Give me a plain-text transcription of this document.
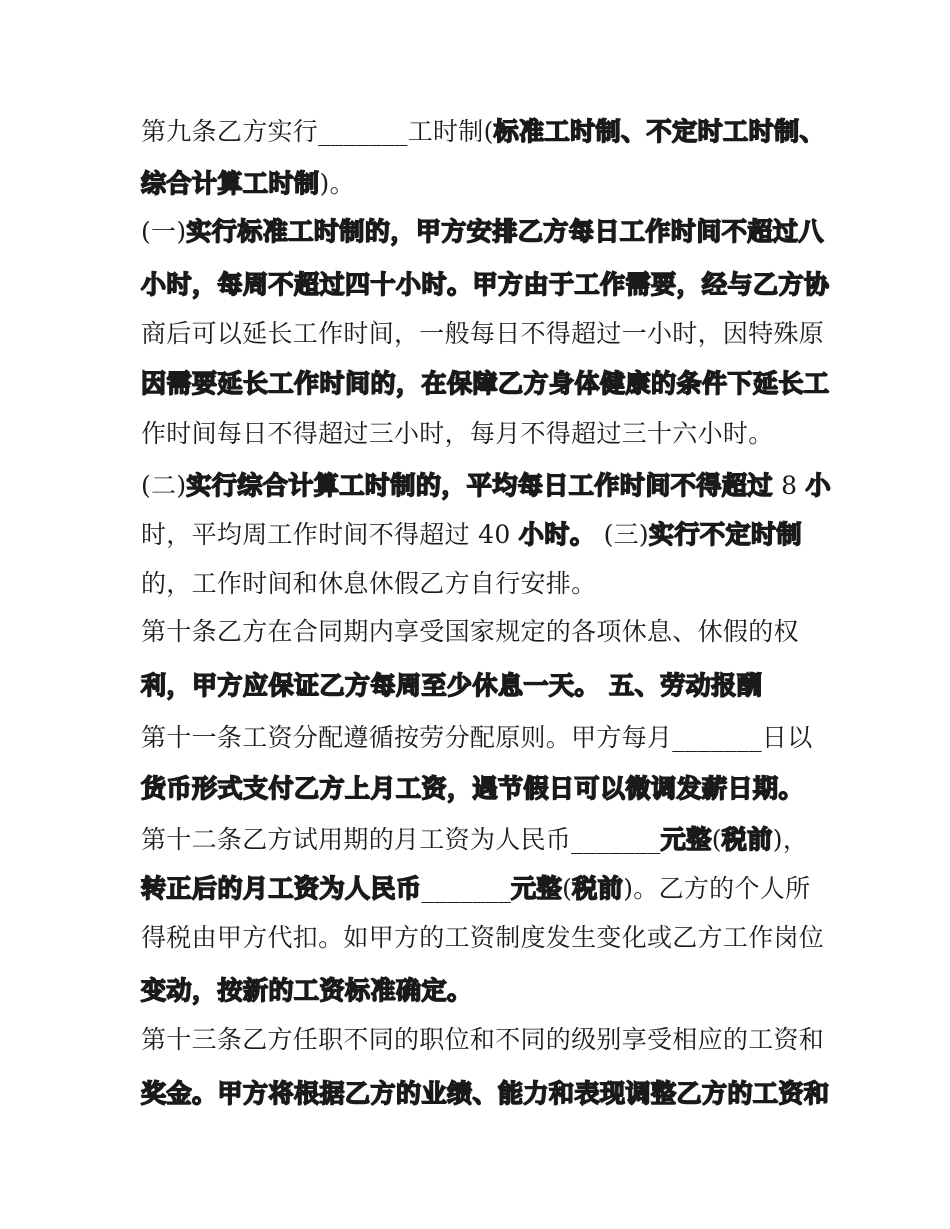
第九条乙方实行_______工时制(标准工时制、不定时工时制、
综合计算工时制)。
(一)实行标准工时制的，甲方安排乙方每日工作时间不超过八
小时，每周不超过四十小时。甲方由于工作需要，经与乙方协
商后可以延长工作时间，一般每日不得超过一小时，因特殊原
因需要延长工作时间的，在保障乙方身体健康的条件下延长工
作时间每日不得超过三小时，每月不得超过三十六小时。
(二)实行综合计算工时制的，平均每日工作时间不得超过 8 小
时，平均周工作时间不得超过 40 小时。 (三)实行不定时制
的，工作时间和休息休假乙方自行安排。
第十条乙方在合同期内享受国家规定的各项休息、休假的权
利，甲方应保证乙方每周至少休息一天。 五、劳动报酬
第十一条工资分配遵循按劳分配原则。甲方每月_______日以
货币形式支付乙方上月工资，遇节假日可以微调发薪日期。
第十二条乙方试用期的月工资为人民币_______元整(税前)，
转正后的月工资为人民币_______元整(税前)。乙方的个人所
得税由甲方代扣。如甲方的工资制度发生变化或乙方工作岗位
变动，按新的工资标准确定。
第十三条乙方任职不同的职位和不同的级别享受相应的工资和
奖金。甲方将根据乙方的业绩、能力和表现调整乙方的工资和
